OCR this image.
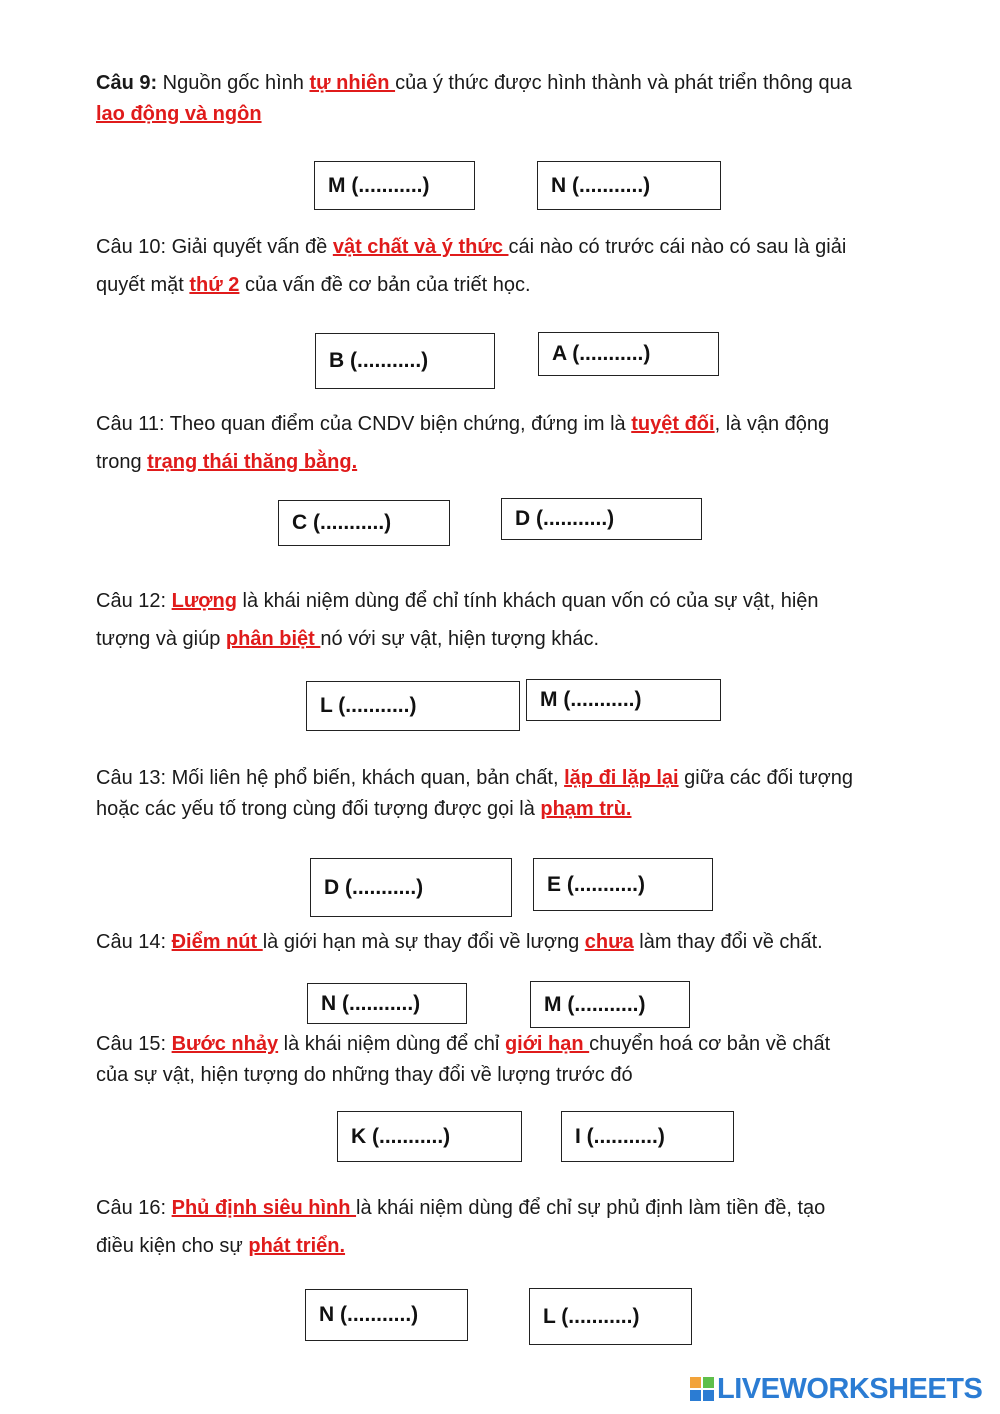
Câu 9: Nguồn gốc hình tự nhiên của ý thức được hình thành và phát triển thông qua
lao động và ngôn
Câu 10: Giải quyết vấn đề vật chất và ý thức cái nào có trước cái nào có sau là giải
quyết mặt thứ 2 của vấn đề cơ bản của triết học.
Câu 11: Theo quan điểm của CNDV biện chứng, đứng im là tuyệt đối, là vận động
trong trạng thái thăng bằng.
Câu 12: Lượng là khái niệm dùng để chỉ tính khách quan vốn có của sự vật, hiện
tượng và giúp phân biệt nó với sự vật, hiện tượng khác.
Câu 13: Mối liên hệ phổ biến, khách quan, bản chất, lặp đi lặp lại giữa các đối tượng
hoặc các yếu tố trong cùng đối tượng được gọi là phạm trù.
Câu 14: Điểm nút là giới hạn mà sự thay đổi về lượng chưa làm thay đổi về chất.
Câu 15: Bước nhảy là khái niệm dùng để chỉ giới hạn chuyển hoá cơ bản về chất
của sự vật, hiện tượng do những thay đổi về lượng trước đó
Câu 16: Phủ định siêu hình là khái niệm dùng để chỉ sự phủ định làm tiền đề, tạo
điều kiện cho sự phát triển.
M (...........)	N (...........)
B (...........)	A (...........)
C (...........)	D (...........)
L (...........)	M (...........)
D (...........)	E (...........)
N (...........)	M (...........)
K (...........)	I (...........)
N (...........)	L (...........)
LIVEWORKSHEETS
